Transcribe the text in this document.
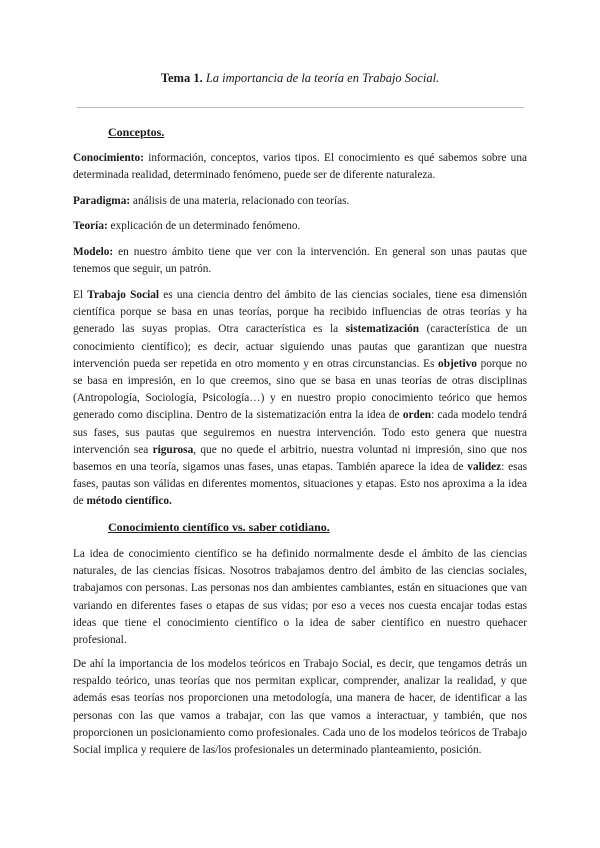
Tema 1. La importancia de la teoría en Trabajo Social.
Conceptos.

Conocimiento: información, conceptos, varios tipos. El conocimiento es qué sabemos sobre una determinada realidad, determinado fenómeno, puede ser de diferente naturaleza.

Paradigma: análisis de una materia, relacionado con teorías.

Teoría: explicación de un determinado fenómeno.

Modelo: en nuestro ámbito tiene que ver con la intervención. En general son unas pautas que tenemos que seguir, un patrón.

El Trabajo Social es una ciencia dentro del ámbito de las ciencias sociales, tiene esa dimensión científica porque se basa en unas teorías, porque ha recibido influencias de otras teorías y ha generado las suyas propias. Otra característica es la sistematización (característica de un conocimiento científico); es decir, actuar siguiendo unas pautas que garantizan que nuestra intervención pueda ser repetida en otro momento y en otras circunstancias. Es objetivo porque no se basa en impresión, en lo que creemos, sino que se basa en unas teorías de otras disciplinas (Antropología, Sociología, Psicología…) y en nuestro propio conocimiento teórico que hemos generado como disciplina. Dentro de la sistematización entra la idea de orden: cada modelo tendrá sus fases, sus pautas que seguiremos en nuestra intervención. Todo esto genera que nuestra intervención sea rigurosa, que no quede el arbitrio, nuestra voluntad ni impresión, sino que nos basemos en una teoría, sigamos unas fases, unas etapas. También aparece la idea de validez: esas fases, pautas son válidas en diferentes momentos, situaciones y etapas. Esto nos aproxima a la idea de método científico.

Conocimiento científico vs. saber cotidiano.

La idea de conocimiento científico se ha definido normalmente desde el ámbito de las ciencias naturales, de las ciencias físicas. Nosotros trabajamos dentro del ámbito de las ciencias sociales, trabajamos con personas. Las personas nos dan ambientes cambiantes, están en situaciones que van variando en diferentes fases o etapas de sus vidas; por eso a veces nos cuesta encajar todas estas ideas que tiene el conocimiento científico o la idea de saber científico en nuestro quehacer profesional.

De ahí la importancia de los modelos teóricos en Trabajo Social, es decir, que tengamos detrás un respaldo teórico, unas teorías que nos permitan explicar, comprender, analizar la realidad, y que además esas teorías nos proporcionen una metodología, una manera de hacer, de identificar a las personas con las que vamos a trabajar, con las que vamos a interactuar, y también, que nos proporcionen un posicionamiento como profesionales. Cada uno de los modelos teóricos de Trabajo Social implica y requiere de las/los profesionales un determinado planteamiento, posición.
